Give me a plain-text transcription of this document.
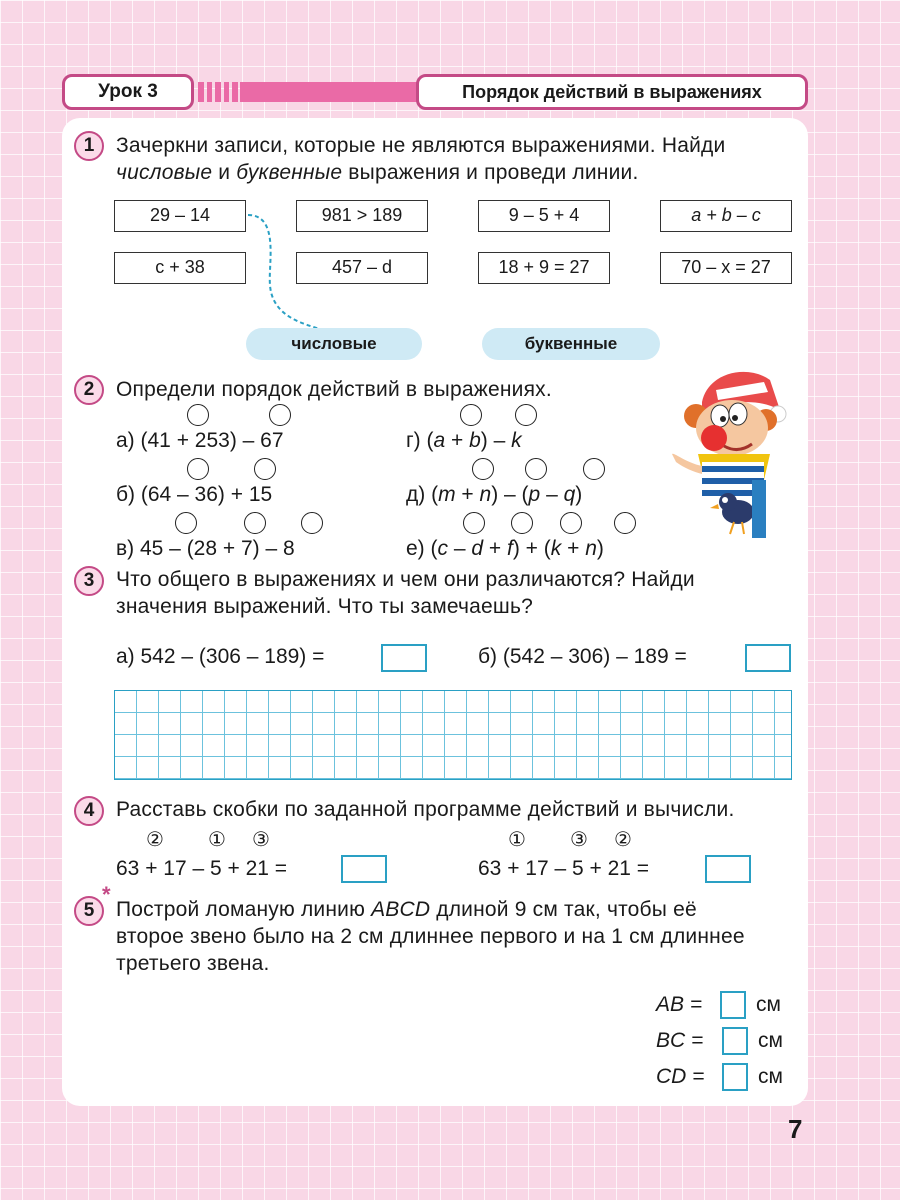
Урок 3	Порядок действий в выражениях
1	Зачеркни записи, которые не являются выражениями. Найди
числовые и буквенные выражения и проведи линии.
29 – 14	981 > 189	9 – 5 + 4	a + b – c
c + 38	457 – d	18 + 9 = 27	70 – x = 27
числовые	буквенные
2	Определи порядок действий в выражениях.
а) (41 + 253) – 67	г) (a + b) – k
б) (64 – 36) + 15	д) (m + n) – (p – q)
в) 45 – (28 + 7) – 8	е) (c – d + f) + (k + n)
3	Что общего в выражениях и чем они различаются? Найди
значения выражений. Что ты замечаешь?
а) 542 – (306 – 189) =	б) (542 – 306) – 189 =
4	Расставь скобки по заданной программе действий и вычисли.
② ① ③
63 + 17 – 5 + 21 =
① ③ ②
63 + 17 – 5 + 21 =
5
*
Построй ломаную линию ABCD длиной 9 см так, чтобы её
второе звено было на 2 см длиннее первого и на 1 см длиннее
третьего звена.
AB =	см
BC =	см
CD =	см
7
